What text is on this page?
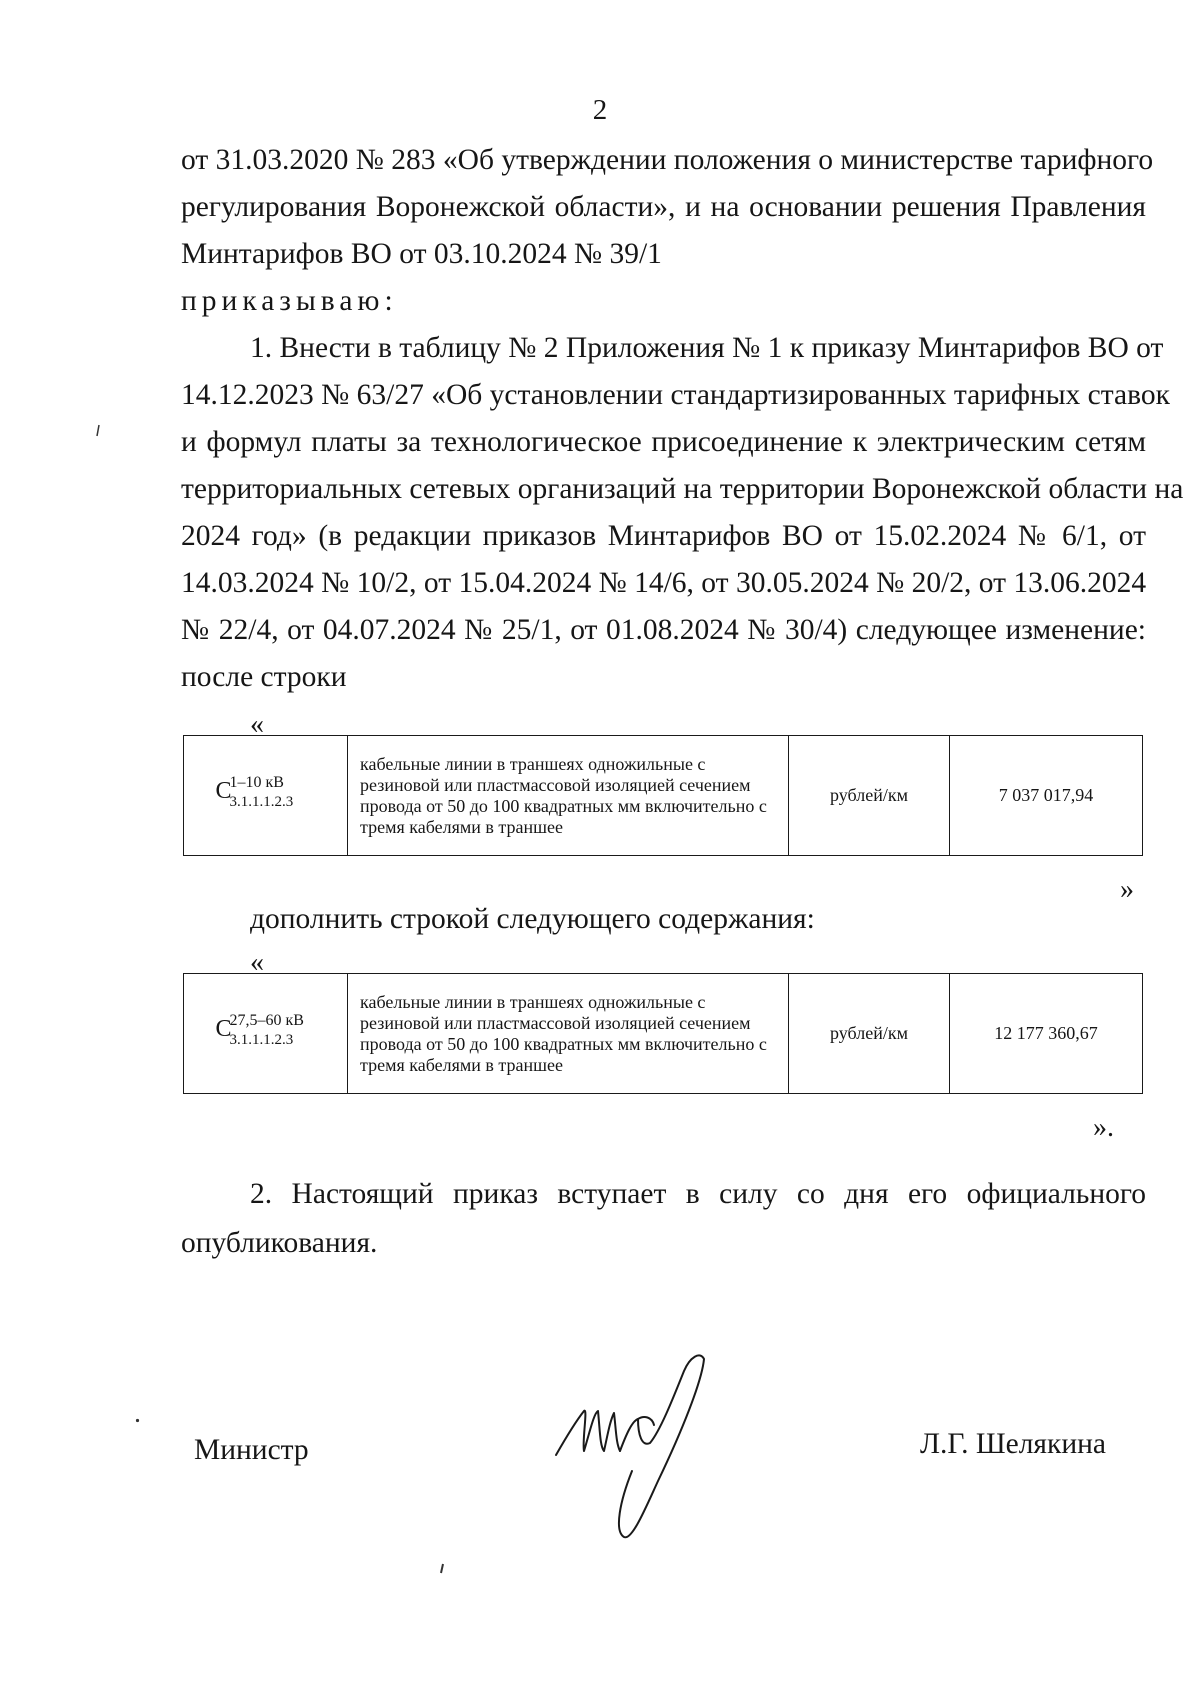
2
от 31.03.2020 № 283 «Об утверждении положения о министерстве тарифного
регулирования Воронежской области», и на основании решения Правления
Минтарифов ВО от 03.10.2024 № 39/1
приказываю:
1. Внести в таблицу № 2 Приложения № 1 к приказу Минтарифов ВО от
14.12.2023 № 63/27 «Об установлении стандартизированных тарифных ставок
и формул платы за технологическое присоединение к электрическим сетям
территориальных сетевых организаций на территории Воронежской области на
2024 год» (в редакции приказов Минтарифов ВО от 15.02.2024 № 6/1, от
14.03.2024 № 10/2, от 15.04.2024 № 14/6, от 30.05.2024 № 20/2, от 13.06.2024
№ 22/4, от 04.07.2024 № 25/1, от 01.08.2024 № 30/4) следующее изменение:
после строки
«
C
1–10 кВ
3.1.1.1.2.3
	кабельные линии в траншеях одножильные с резиновой или пластмассовой изоляцией сечением провода от 50 до 100 квадратных мм включительно с тремя кабелями в траншее	рублей/км	7 037 017,94
»
дополнить строкой следующего содержания:
«
C
27,5–60 кВ
3.1.1.1.2.3
	кабельные линии в траншеях одножильные с резиновой или пластмассовой изоляцией сечением провода от 50 до 100 квадратных мм включительно с тремя кабелями в траншее	рублей/км	12 177 360,67
».
2. Настоящий приказ вступает в силу со дня его официального
опубликования.
Министр	Л.Г. Шелякина
